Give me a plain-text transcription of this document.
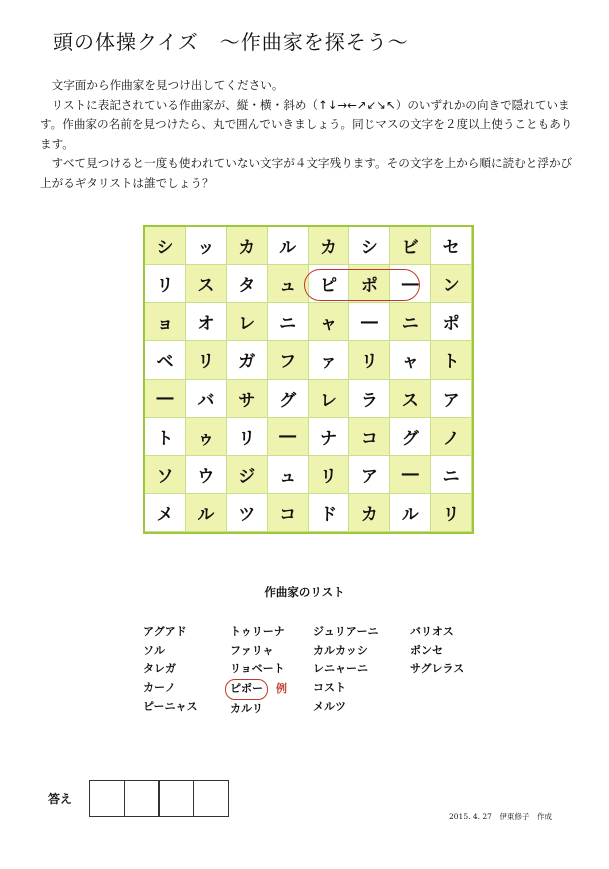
頭の体操クイズ　～作曲家を探そう～

　文字面から作曲家を見つけ出してください。

　リストに表記されている作曲家が、縦・横・斜め（↑↓→←↗↙↘↖）のいずれかの向きで隠れています。作曲家の名前を見つけたら、丸で囲んでいきましょう。同じマスの文字を２度以上使うこともあります。

　すべて見つけると一度も使われていない文字が４文字残ります。その文字を上から順に読むと浮かび上がるギタリストは誰でしょう？

シ	ッ	カ	ル	カ	シ	ビ	セ
リ	ス	タ	ュ	ピ	ポ	―	ン
ョ	オ	レ	ニ	ャ	―	ニ	ポ
ベ	リ	ガ	フ	ァ	リ	ャ	ト
―	バ	サ	グ	レ	ラ	ス	ア
ト	ゥ	リ	―	ナ	コ	グ	ノ
ソ	ウ	ジ	ュ	リ	ア	―	ニ
メ	ル	ツ	コ	ド	カ	ル	リ
作曲家のリスト
アグアド
ソル
タレガ
カーノ
ピーニャス
トゥリーナ
ファリャ
リョベート
ピポー 例
カルリ
ジュリアーニ
カルカッシ
レニャーニ
コスト
メルツ
バリオス
ポンセ
サグレラス
答え
2015. 4. 27　伊東修子　作成
